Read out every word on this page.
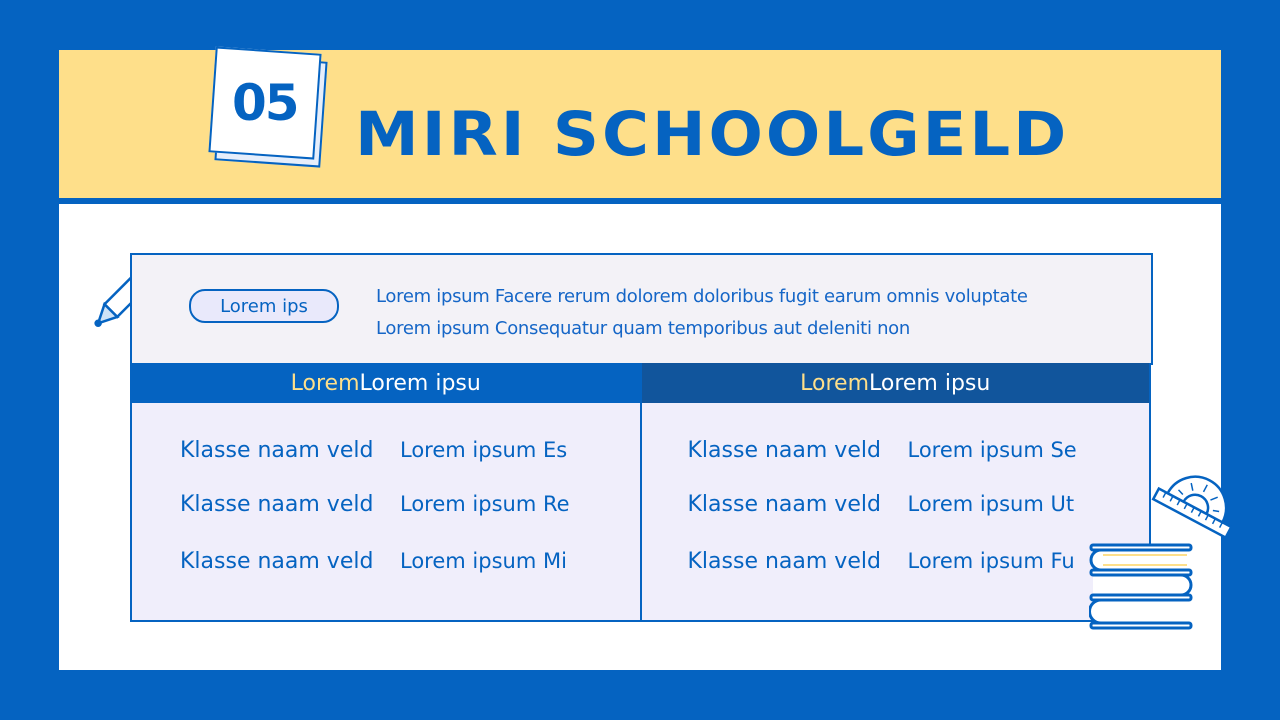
05 MIRI SCHOOLGELD
Lorem ips	Lorem ipsum Facere rerum dolorem doloribus fugit earum omnis voluptate
Lorem ipsum Consequatur quam temporibus aut deleniti non
Lorem Lorem ipsu
Klasse naam veld	Lorem ipsum Es
Klasse naam veld	Lorem ipsum Re
Klasse naam veld	Lorem ipsum Mi
Lorem Lorem ipsu
Klasse naam veld	Lorem ipsum Se
Klasse naam veld	Lorem ipsum Ut
Klasse naam veld	Lorem ipsum Fu
